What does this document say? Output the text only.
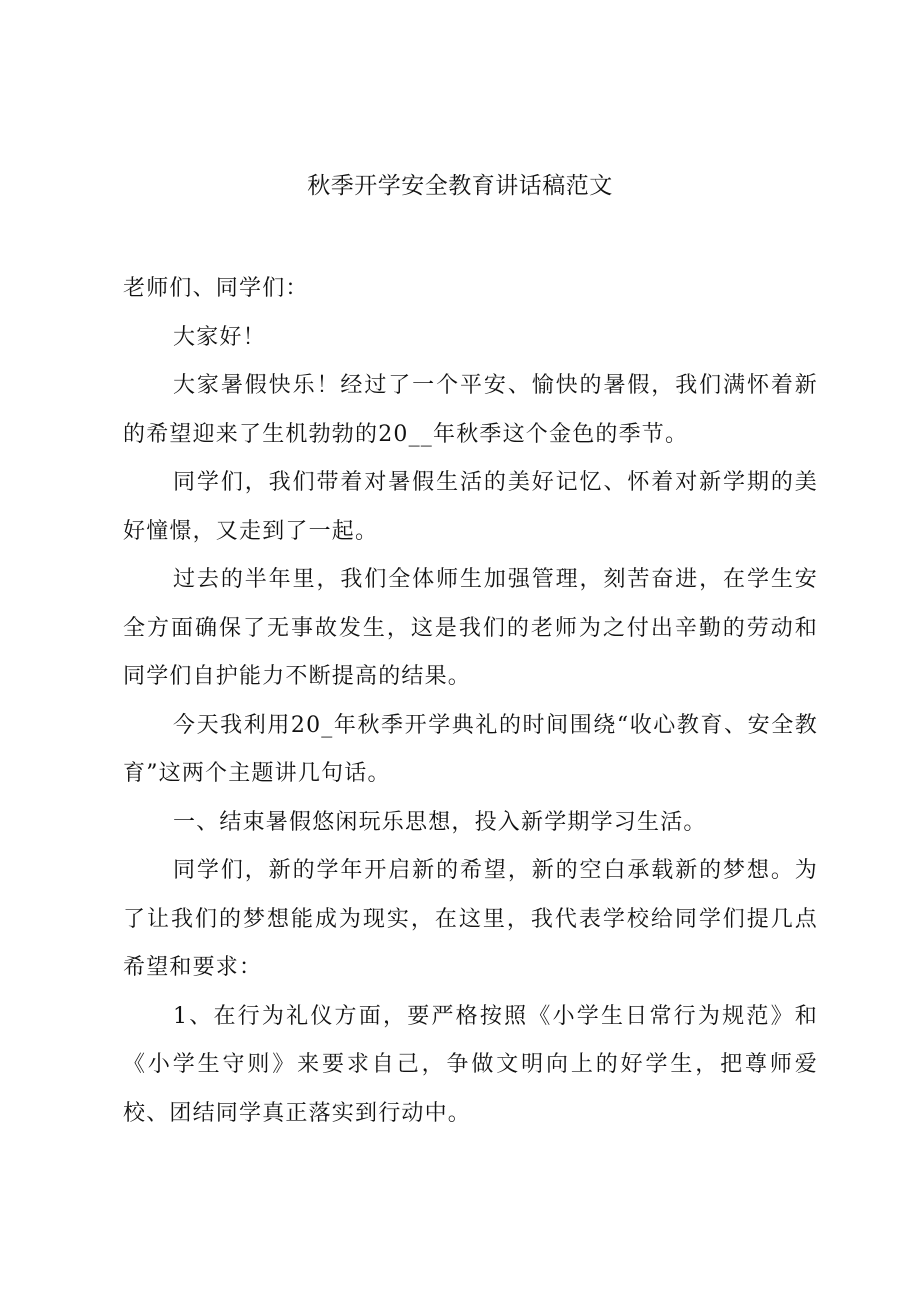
秋季开学安全教育讲话稿范文

老师们、同学们：

大家好！

大家暑假快乐！经过了一个平安、愉快的暑假，我们满怀着新的希望迎来了生机勃勃的20__年秋季这个金色的季节。

同学们，我们带着对暑假生活的美好记忆、怀着对新学期的美好憧憬，又走到了一起。

过去的半年里，我们全体师生加强管理，刻苦奋进，在学生安全方面确保了无事故发生，这是我们的老师为之付出辛勤的劳动和同学们自护能力不断提高的结果。

今天我利用20_年秋季开学典礼的时间围绕“收心教育、安全教育”这两个主题讲几句话。

一、结束暑假悠闲玩乐思想，投入新学期学习生活。

同学们，新的学年开启新的希望，新的空白承载新的梦想。为了让我们的梦想能成为现实，在这里，我代表学校给同学们提几点希望和要求：

1、在行为礼仪方面，要严格按照《小学生日常行为规范》和《小学生守则》来要求自己，争做文明向上的好学生，把尊师爱校、团结同学真正落实到行动中。
